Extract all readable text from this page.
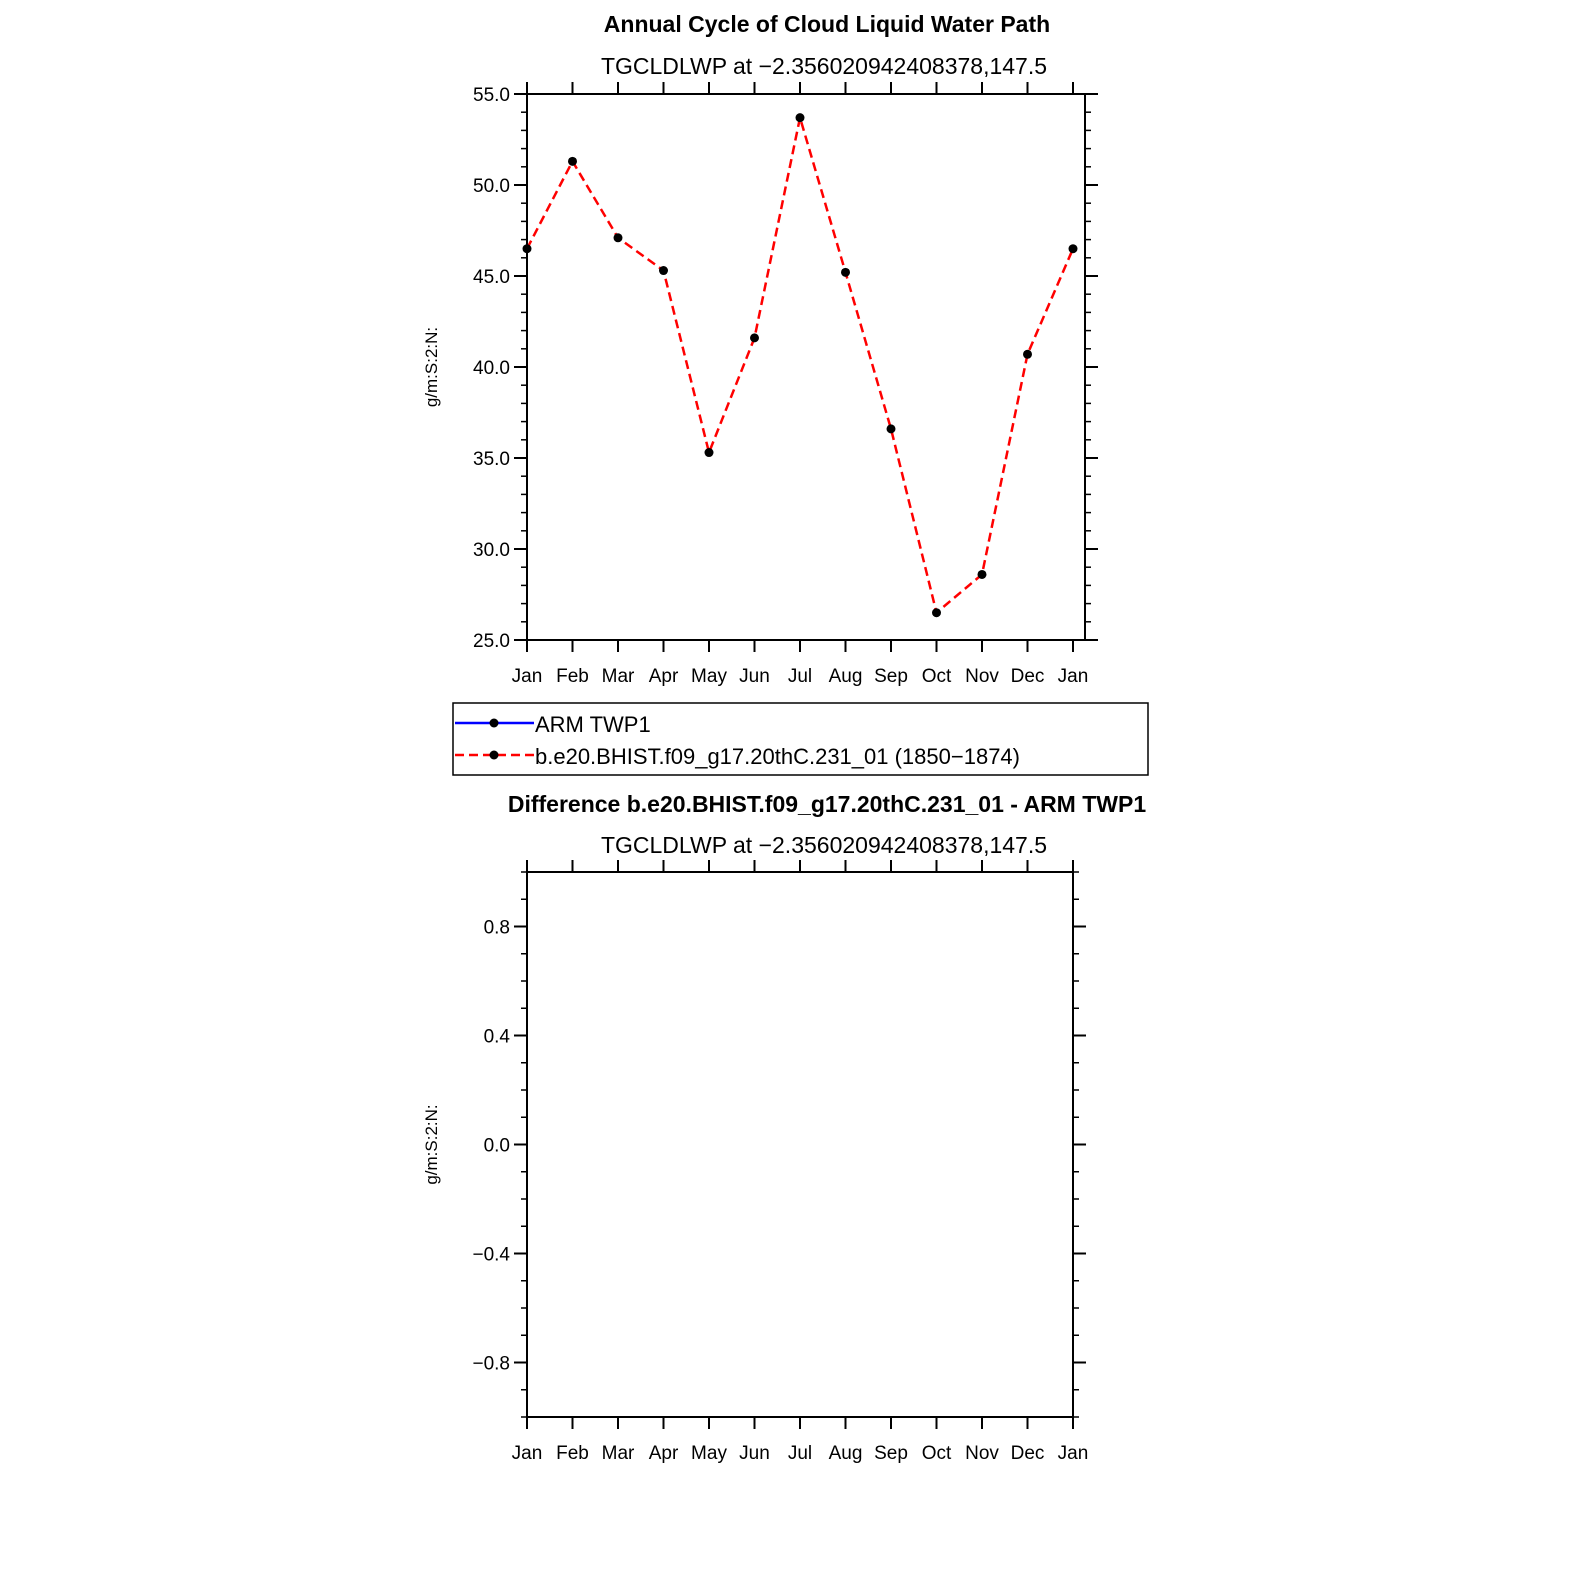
Annual Cycle of Cloud Liquid Water Path
TGCLDLWP at −2.356020942408378,147.5
g/m:S:2:N:
25.0
30.0
35.0
40.0
45.0
50.0
55.0
Jan Feb Mar Apr May Jun Jul Aug Sep Oct Nov Dec Jan
ARM TWP1
b.e20.BHIST.f09_g17.20thC.231_01 (1850−1874)
Difference b.e20.BHIST.f09_g17.20thC.231_01 - ARM TWP1
TGCLDLWP at −2.356020942408378,147.5
g/m:S:2:N:
−0.8
−0.4
0.0
0.4
0.8
Jan Feb Mar Apr May Jun Jul Aug Sep Oct Nov Dec Jan
